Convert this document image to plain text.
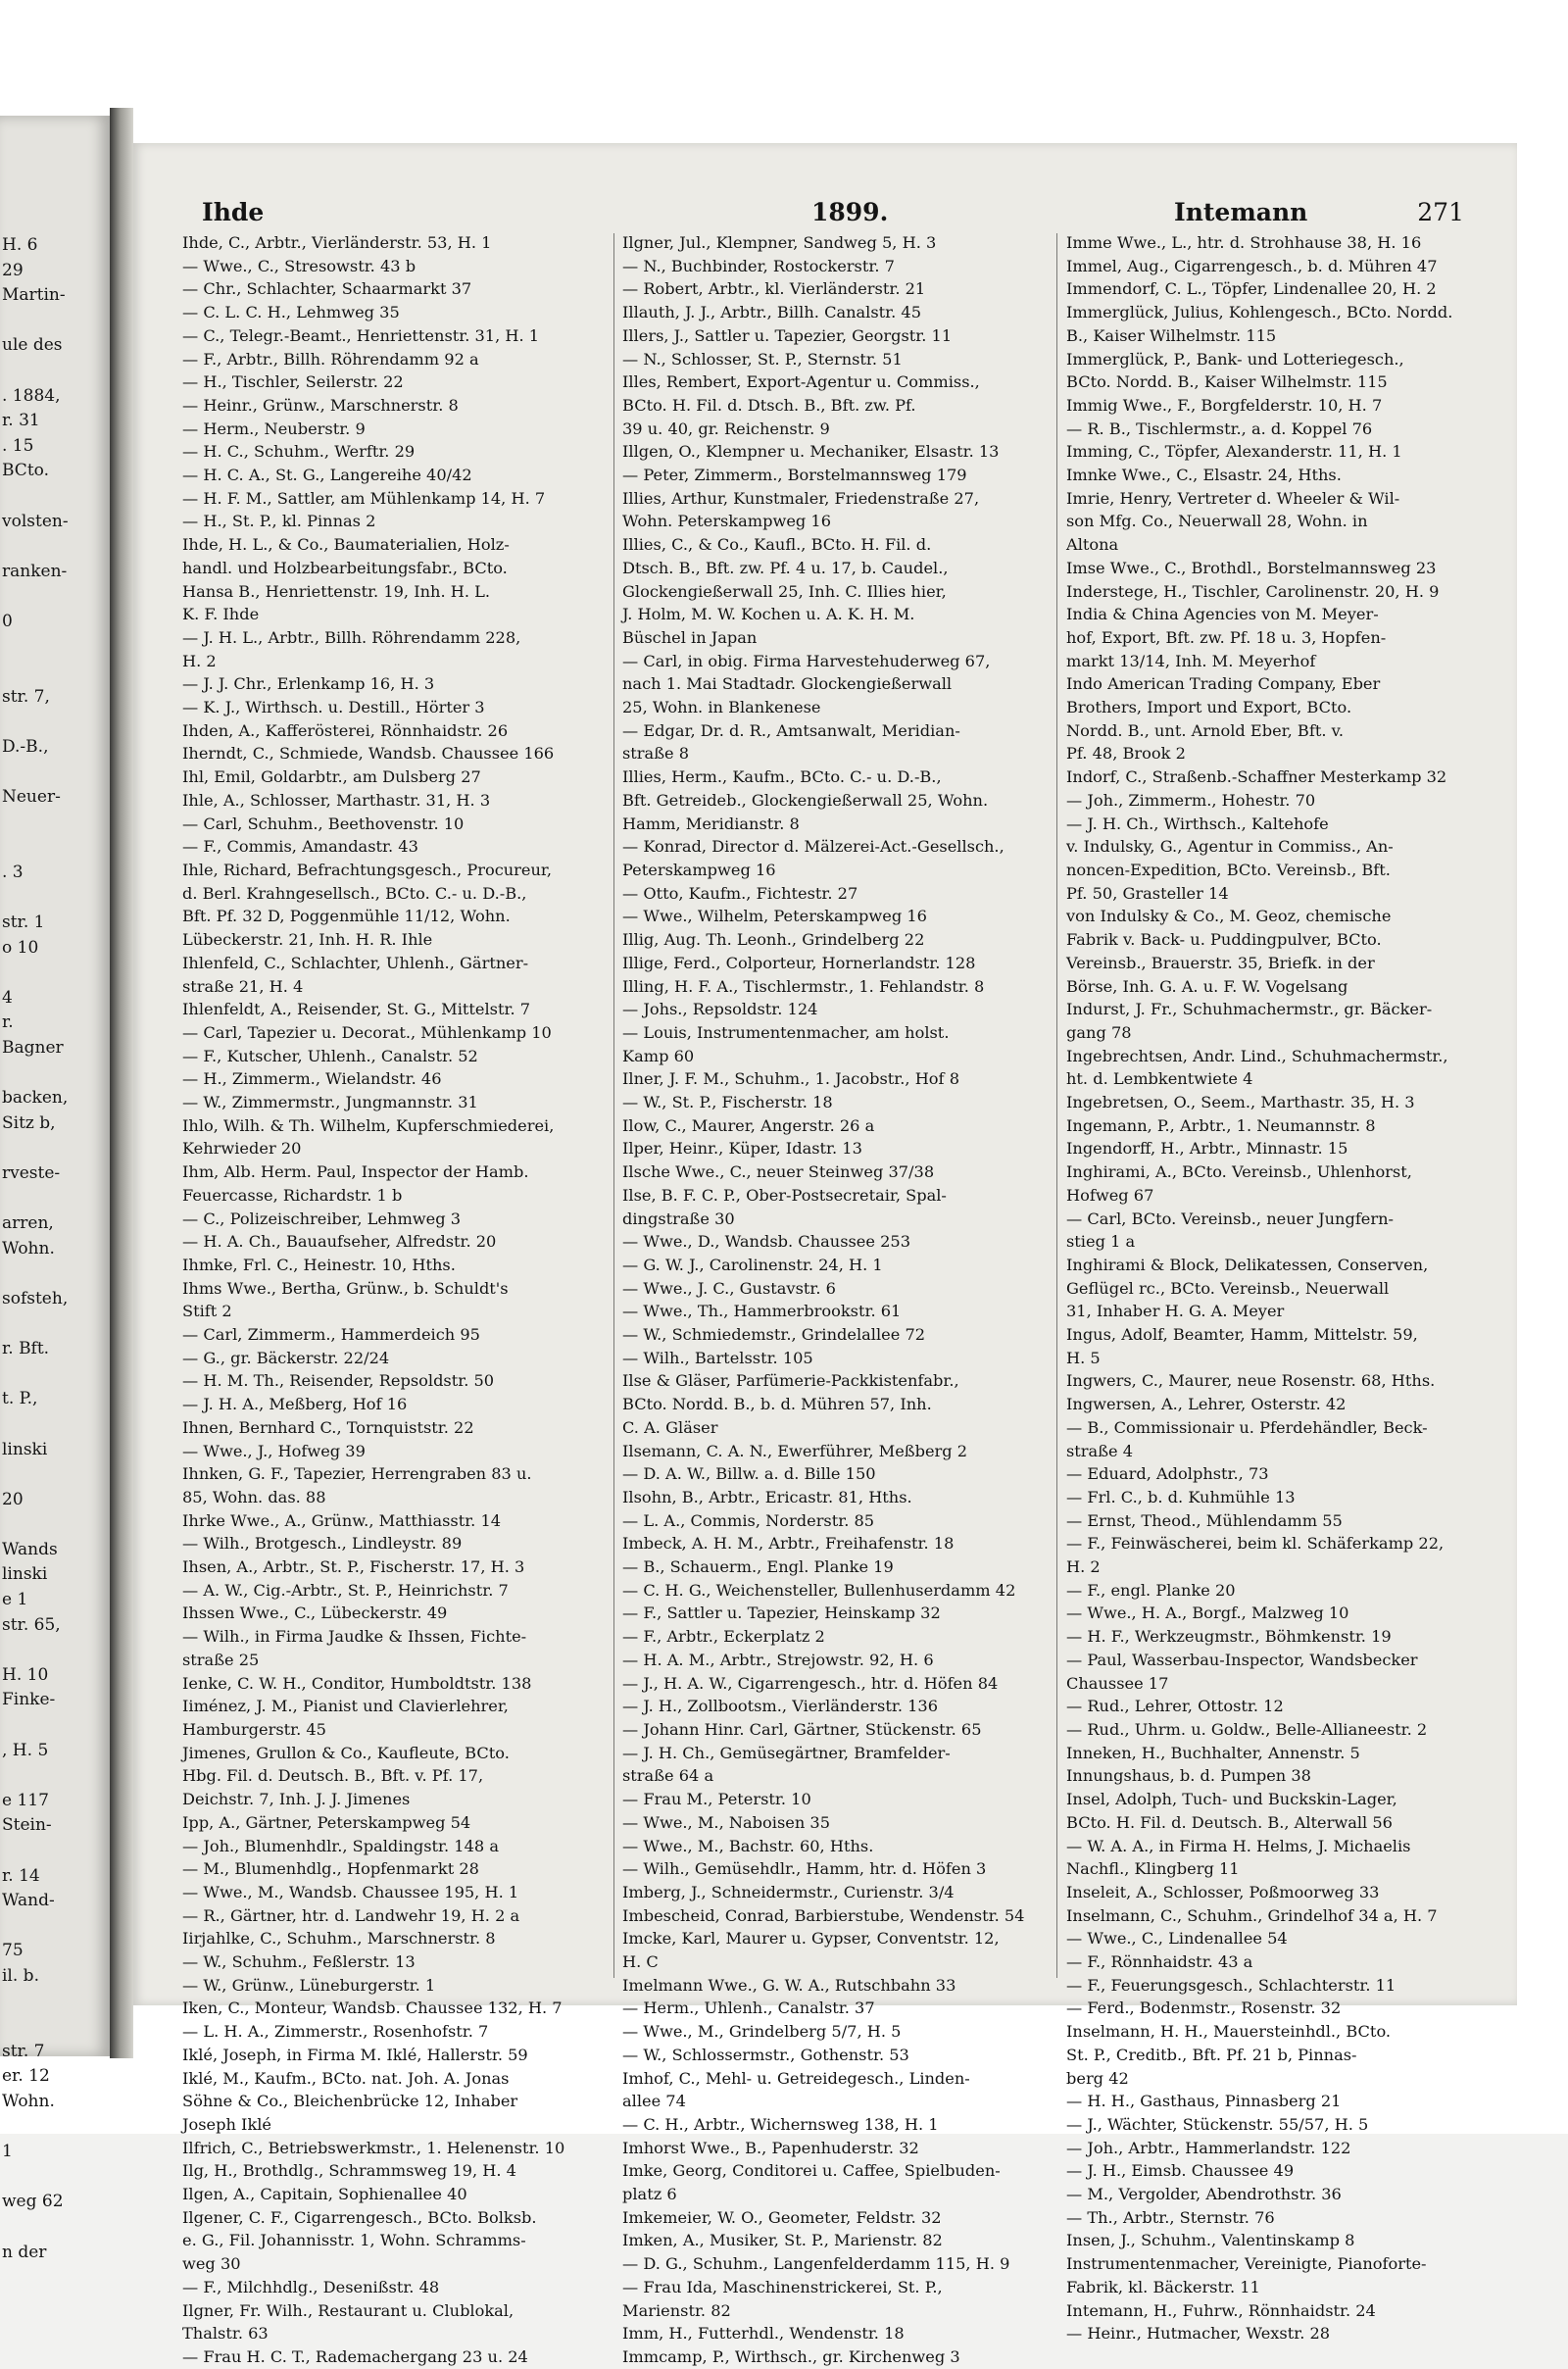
H. 6
29
Martin-

ule des

. 1884,
r. 31
. 15
BCto.

volsten-

ranken-

0

str. 7,

D.-B.,

Neuer-

. 3

str. 1
o 10

4
r.
Bagner

backen,
Sitz b,

rveste-

arren,
Wohn.

sofsteh,

r. Bft.

t. P.,

linski

20

Wands
linski
e 1
str. 65,

H. 10
Finke-

, H. 5

e 117
Stein-

r. 14
Wand-

75
il. b.

str. 7
er. 12
Wohn.

1

weg 62

n der
Ihde	1899.	Intemann	271
Ihde, C., Arbtr., Vierländerstr. 53, H. 1
— Wwe., C., Stresowstr. 43 b
— Chr., Schlachter, Schaarmarkt 37
— C. L. C. H., Lehmweg 35
— C., Telegr.-Beamt., Henriettenstr. 31, H. 1
— F., Arbtr., Billh. Röhrendamm 92 a
— H., Tischler, Seilerstr. 22
— Heinr., Grünw., Marschnerstr. 8
— Herm., Neuberstr. 9
— H. C., Schuhm., Werftr. 29
— H. C. A., St. G., Langereihe 40/42
— H. F. M., Sattler, am Mühlenkamp 14, H. 7
— H., St. P., kl. Pinnas 2
Ihde, H. L., & Co., Baumaterialien, Holz-
handl. und Holzbearbeitungsfabr., BCto.
Hansa B., Henriettenstr. 19, Inh. H. L.
K. F. Ihde
— J. H. L., Arbtr., Billh. Röhrendamm 228,
H. 2
— J. J. Chr., Erlenkamp 16, H. 3
— K. J., Wirthsch. u. Destill., Hörter 3
Ihden, A., Kafferösterei, Rönnhaidstr. 26
Iherndt, C., Schmiede, Wandsb. Chaussee 166
Ihl, Emil, Goldarbtr., am Dulsberg 27
Ihle, A., Schlosser, Marthastr. 31, H. 3
— Carl, Schuhm., Beethovenstr. 10
— F., Commis, Amandastr. 43
Ihle, Richard, Befrachtungsgesch., Procureur,
d. Berl. Krahngesellsch., BCto. C.- u. D.-B.,
Bft. Pf. 32 D, Poggenmühle 11/12, Wohn.
Lübeckerstr. 21, Inh. H. R. Ihle
Ihlenfeld, C., Schlachter, Uhlenh., Gärtner-
straße 21, H. 4
Ihlenfeldt, A., Reisender, St. G., Mittelstr. 7
— Carl, Tapezier u. Decorat., Mühlenkamp 10
— F., Kutscher, Uhlenh., Canalstr. 52
— H., Zimmerm., Wielandstr. 46
— W., Zimmermstr., Jungmannstr. 31
Ihlo, Wilh. & Th. Wilhelm, Kupferschmiederei,
Kehrwieder 20
Ihm, Alb. Herm. Paul, Inspector der Hamb.
Feuercasse, Richardstr. 1 b
— C., Polizeischreiber, Lehmweg 3
— H. A. Ch., Bauaufseher, Alfredstr. 20
Ihmke, Frl. C., Heinestr. 10, Hths.
Ihms Wwe., Bertha, Grünw., b. Schuldt's
Stift 2
— Carl, Zimmerm., Hammerdeich 95
— G., gr. Bäckerstr. 22/24
— H. M. Th., Reisender, Repsoldstr. 50
— J. H. A., Meßberg, Hof 16
Ihnen, Bernhard C., Tornquiststr. 22
— Wwe., J., Hofweg 39
Ihnken, G. F., Tapezier, Herrengraben 83 u.
85, Wohn. das. 88
Ihrke Wwe., A., Grünw., Matthiasstr. 14
— Wilh., Brotgesch., Lindleystr. 89
Ihsen, A., Arbtr., St. P., Fischerstr. 17, H. 3
— A. W., Cig.-Arbtr., St. P., Heinrichstr. 7
Ihssen Wwe., C., Lübeckerstr. 49
— Wilh., in Firma Jaudke & Ihssen, Fichte-
straße 25
Ienke, C. W. H., Conditor, Humboldtstr. 138
Iiménez, J. M., Pianist und Clavierlehrer,
Hamburgerstr. 45
Jimenes, Grullon & Co., Kaufleute, BCto.
Hbg. Fil. d. Deutsch. B., Bft. v. Pf. 17,
Deichstr. 7, Inh. J. J. Jimenes
Ipp, A., Gärtner, Peterskampweg 54
— Joh., Blumenhdlr., Spaldingstr. 148 a
— M., Blumenhdlg., Hopfenmarkt 28
— Wwe., M., Wandsb. Chaussee 195, H. 1
— R., Gärtner, htr. d. Landwehr 19, H. 2 a
Iirjahlke, C., Schuhm., Marschnerstr. 8
— W., Schuhm., Feßlerstr. 13
— W., Grünw., Lüneburgerstr. 1
Iken, C., Monteur, Wandsb. Chaussee 132, H. 7
— L. H. A., Zimmerstr., Rosenhofstr. 7
Iklé, Joseph, in Firma M. Iklé, Hallerstr. 59
Iklé, M., Kaufm., BCto. nat. Joh. A. Jonas
Söhne & Co., Bleichenbrücke 12, Inhaber
Joseph Iklé
Ilfrich, C., Betriebswerkmstr., 1. Helenenstr. 10
Ilg, H., Brothdlg., Schrammsweg 19, H. 4
Ilgen, A., Capitain, Sophienallee 40
Ilgener, C. F., Cigarrengesch., BCto. Bolksb.
e. G., Fil. Johannisstr. 1, Wohn. Schramms-
weg 30
— F., Milchhdlg., Desenißstr. 48
Ilgner, Fr. Wilh., Restaurant u. Clublokal,
Thalstr. 63
— Frau H. C. T., Rademachergang 23 u. 24
Ilgner, Jul., Klempner, Sandweg 5, H. 3
— N., Buchbinder, Rostockerstr. 7
— Robert, Arbtr., kl. Vierländerstr. 21
Illauth, J. J., Arbtr., Billh. Canalstr. 45
Illers, J., Sattler u. Tapezier, Georgstr. 11
— N., Schlosser, St. P., Sternstr. 51
Illes, Rembert, Export-Agentur u. Commiss.,
BCto. H. Fil. d. Dtsch. B., Bft. zw. Pf.
39 u. 40, gr. Reichenstr. 9
Illgen, O., Klempner u. Mechaniker, Elsastr. 13
— Peter, Zimmerm., Borstelmannsweg 179
Illies, Arthur, Kunstmaler, Friedenstraße 27,
Wohn. Peterskampweg 16
Illies, C., & Co., Kaufl., BCto. H. Fil. d.
Dtsch. B., Bft. zw. Pf. 4 u. 17, b. Caudel.,
Glockengießerwall 25, Inh. C. Illies hier,
J. Holm, M. W. Kochen u. A. K. H. M.
Büschel in Japan
— Carl, in obig. Firma Harvestehuderweg 67,
nach 1. Mai Stadtadr. Glockengießerwall
25, Wohn. in Blankenese
— Edgar, Dr. d. R., Amtsanwalt, Meridian-
straße 8
Illies, Herm., Kaufm., BCto. C.- u. D.-B.,
Bft. Getreideb., Glockengießerwall 25, Wohn.
Hamm, Meridianstr. 8
— Konrad, Director d. Mälzerei-Act.-Gesellsch.,
Peterskampweg 16
— Otto, Kaufm., Fichtestr. 27
— Wwe., Wilhelm, Peterskampweg 16
Illig, Aug. Th. Leonh., Grindelberg 22
Illige, Ferd., Colporteur, Hornerlandstr. 128
Illing, H. F. A., Tischlermstr., 1. Fehlandstr. 8
— Johs., Repsoldstr. 124
— Louis, Instrumentenmacher, am holst.
Kamp 60
Ilner, J. F. M., Schuhm., 1. Jacobstr., Hof 8
— W., St. P., Fischerstr. 18
Ilow, C., Maurer, Angerstr. 26 a
Ilper, Heinr., Küper, Idastr. 13
Ilsche Wwe., C., neuer Steinweg 37/38
Ilse, B. F. C. P., Ober-Postsecretair, Spal-
dingstraße 30
— Wwe., D., Wandsb. Chaussee 253
— G. W. J., Carolinenstr. 24, H. 1
— Wwe., J. C., Gustavstr. 6
— Wwe., Th., Hammerbrookstr. 61
— W., Schmiedemstr., Grindelallee 72
— Wilh., Bartelsstr. 105
Ilse & Gläser, Parfümerie-Packkistenfabr.,
BCto. Nordd. B., b. d. Mühren 57, Inh.
C. A. Gläser
Ilsemann, C. A. N., Ewerführer, Meßberg 2
— D. A. W., Billw. a. d. Bille 150
Ilsohn, B., Arbtr., Ericastr. 81, Hths.
— L. A., Commis, Norderstr. 85
Imbeck, A. H. M., Arbtr., Freihafenstr. 18
— B., Schauerm., Engl. Planke 19
— C. H. G., Weichensteller, Bullenhuserdamm 42
— F., Sattler u. Tapezier, Heinskamp 32
— F., Arbtr., Eckerplatz 2
— H. A. M., Arbtr., Strejowstr. 92, H. 6
— J., H. A. W., Cigarrengesch., htr. d. Höfen 84
— J. H., Zollbootsm., Vierländerstr. 136
— Johann Hinr. Carl, Gärtner, Stückenstr. 65
— J. H. Ch., Gemüsegärtner, Bramfelder-
straße 64 a
— Frau M., Peterstr. 10
— Wwe., M., Naboisen 35
— Wwe., M., Bachstr. 60, Hths.
— Wilh., Gemüsehdlr., Hamm, htr. d. Höfen 3
Imberg, J., Schneidermstr., Curienstr. 3/4
Imbescheid, Conrad, Barbierstube, Wendenstr. 54
Imcke, Karl, Maurer u. Gypser, Conventstr. 12,
H. C
Imelmann Wwe., G. W. A., Rutschbahn 33
— Herm., Uhlenh., Canalstr. 37
— Wwe., M., Grindelberg 5/7, H. 5
— W., Schlossermstr., Gothenstr. 53
Imhof, C., Mehl- u. Getreidegesch., Linden-
allee 74
— C. H., Arbtr., Wichernsweg 138, H. 1
Imhorst Wwe., B., Papenhuderstr. 32
Imke, Georg, Conditorei u. Caffee, Spielbuden-
platz 6
Imkemeier, W. O., Geometer, Feldstr. 32
Imken, A., Musiker, St. P., Marienstr. 82
— D. G., Schuhm., Langenfelderdamm 115, H. 9
— Frau Ida, Maschinenstrickerei, St. P.,
Marienstr. 82
Imm, H., Futterhdl., Wendenstr. 18
Immcamp, P., Wirthsch., gr. Kirchenweg 3
Imme Wwe., L., htr. d. Strohhause 38, H. 16
Immel, Aug., Cigarrengesch., b. d. Mühren 47
Immendorf, C. L., Töpfer, Lindenallee 20, H. 2
Immerglück, Julius, Kohlengesch., BCto. Nordd.
B., Kaiser Wilhelmstr. 115
Immerglück, P., Bank- und Lotteriegesch.,
BCto. Nordd. B., Kaiser Wilhelmstr. 115
Immig Wwe., F., Borgfelderstr. 10, H. 7
— R. B., Tischlermstr., a. d. Koppel 76
Imming, C., Töpfer, Alexanderstr. 11, H. 1
Imnke Wwe., C., Elsastr. 24, Hths.
Imrie, Henry, Vertreter d. Wheeler & Wil-
son Mfg. Co., Neuerwall 28, Wohn. in
Altona
Imse Wwe., C., Brothdl., Borstelmannsweg 23
Inderstege, H., Tischler, Carolinenstr. 20, H. 9
India & China Agencies von M. Meyer-
hof, Export, Bft. zw. Pf. 18 u. 3, Hopfen-
markt 13/14, Inh. M. Meyerhof
Indo American Trading Company, Eber
Brothers, Import und Export, BCto.
Nordd. B., unt. Arnold Eber, Bft. v.
Pf. 48, Brook 2
Indorf, C., Straßenb.-Schaffner Mesterkamp 32
— Joh., Zimmerm., Hohestr. 70
— J. H. Ch., Wirthsch., Kaltehofe
v. Indulsky, G., Agentur in Commiss., An-
noncen-Expedition, BCto. Vereinsb., Bft.
Pf. 50, Grasteller 14
von Indulsky & Co., M. Geoz, chemische
Fabrik v. Back- u. Puddingpulver, BCto.
Vereinsb., Brauerstr. 35, Briefk. in der
Börse, Inh. G. A. u. F. W. Vogelsang
Indurst, J. Fr., Schuhmachermstr., gr. Bäcker-
gang 78
Ingebrechtsen, Andr. Lind., Schuhmachermstr.,
ht. d. Lembkentwiete 4
Ingebretsen, O., Seem., Marthastr. 35, H. 3
Ingemann, P., Arbtr., 1. Neumannstr. 8
Ingendorff, H., Arbtr., Minnastr. 15
Inghirami, A., BCto. Vereinsb., Uhlenhorst,
Hofweg 67
— Carl, BCto. Vereinsb., neuer Jungfern-
stieg 1 a
Inghirami & Block, Delikatessen, Conserven,
Geflügel rc., BCto. Vereinsb., Neuerwall
31, Inhaber H. G. A. Meyer
Ingus, Adolf, Beamter, Hamm, Mittelstr. 59,
H. 5
Ingwers, C., Maurer, neue Rosenstr. 68, Hths.
Ingwersen, A., Lehrer, Osterstr. 42
— B., Commissionair u. Pferdehändler, Beck-
straße 4
— Eduard, Adolphstr., 73
— Frl. C., b. d. Kuhmühle 13
— Ernst, Theod., Mühlendamm 55
— F., Feinwäscherei, beim kl. Schäferkamp 22,
H. 2
— F., engl. Planke 20
— Wwe., H. A., Borgf., Malzweg 10
— H. F., Werkzeugmstr., Böhmkenstr. 19
— Paul, Wasserbau-Inspector, Wandsbecker
Chaussee 17
— Rud., Lehrer, Ottostr. 12
— Rud., Uhrm. u. Goldw., Belle-Allianeestr. 2
Inneken, H., Buchhalter, Annenstr. 5
Innungshaus, b. d. Pumpen 38
Insel, Adolph, Tuch- und Buckskin-Lager,
BCto. H. Fil. d. Deutsch. B., Alterwall 56
— W. A. A., in Firma H. Helms, J. Michaelis
Nachfl., Klingberg 11
Inseleit, A., Schlosser, Poßmoorweg 33
Inselmann, C., Schuhm., Grindelhof 34 a, H. 7
— Wwe., C., Lindenallee 54
— F., Rönnhaidstr. 43 a
— F., Feuerungsgesch., Schlachterstr. 11
— Ferd., Bodenmstr., Rosenstr. 32
Inselmann, H. H., Mauersteinhdl., BCto.
St. P., Creditb., Bft. Pf. 21 b, Pinnas-
berg 42
— H. H., Gasthaus, Pinnasberg 21
— J., Wächter, Stückenstr. 55/57, H. 5
— Joh., Arbtr., Hammerlandstr. 122
— J. H., Eimsb. Chaussee 49
— M., Vergolder, Abendrothstr. 36
— Th., Arbtr., Sternstr. 76
Insen, J., Schuhm., Valentinskamp 8
Instrumentenmacher, Vereinigte, Pianoforte-
Fabrik, kl. Bäckerstr. 11
Intemann, H., Fuhrw., Rönnhaidstr. 24
— Heinr., Hutmacher, Wexstr. 28
